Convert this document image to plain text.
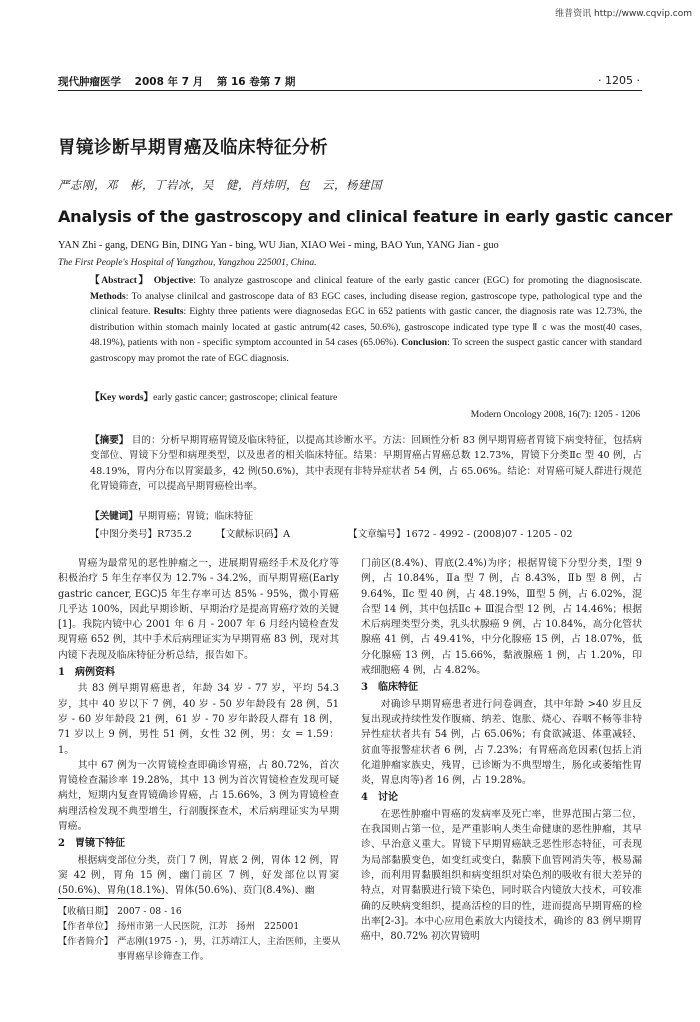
维普资讯 http://www.cqvip.com
现代肿瘤医学 2008 年 7 月 第 16 卷第 7 期	· 1205 ·
胃镜诊断早期胃癌及临床特征分析
严志刚，邓　彬，丁岩冰，吴　健，肖炜明，包　云，杨建国
Analysis of the gastroscopy and clinical feature in early gastic cancer
YAN Zhi - gang, DENG Bin, DING Yan - bing, WU Jian, XIAO Wei - ming, BAO Yun, YANG Jian - guo
The First People's Hospital of Yangzhou, Yangzhou 225001, China.
【Abstract】 Objective: To analyze gastroscope and clinical feature of the early gastic cancer (EGC) for promoting the diagnosiscate. Methods: To analyse clinilcal and gastroscope data of 83 EGC cases, including disease region, gastroscope type, pathological type and the clinical feature. Results: Eighty three patients were diagnosedas EGC in 652 patients with gastic cancer, the diagnosis rate was 12.73%, the distribution within stomach mainly located at gastic antrum(42 cases, 50.6%), gastroscope indicated type type Ⅱ c was the most(40 cases, 48.19%), patients with non - specific symptom accounted in 54 cases (65.06%). Conclusion: To screen the suspect gastic cancer with standard gastroscopy may promot the rate of EGC diagnosis.
【Key words】early gastic cancer; gastroscope; clinical feature
Modern Oncology 2008, 16(7): 1205 - 1206
【摘要】 目的：分析早期胃癌胃镜及临床特征，以提高其诊断水平。方法：回顾性分析 83 例早期胃癌者胃镜下病变特征，包括病变部位、胃镜下分型和病理类型，以及患者的相关临床特征。结果：早期胃癌占胃癌总数 12.73%，胃镜下分类Ⅱc 型 40 例，占 48.19%，胃内分布以胃窦最多，42 例(50.6%)，其中表现有非特异症状者 54 例，占 65.06%。结论：对胃癌可疑人群进行规范化胃镜筛查，可以提高早期胃癌检出率。
【关键词】早期胃癌；胃镜；临床特征
【中图分类号】R735.2	【文献标识码】A	【文章编号】1672 - 4992 - (2008)07 - 1205 - 02

胃癌为最常见的恶性肿瘤之一，进展期胃癌经手术及化疗等积极治疗 5 年生存率仅为 12.7% - 34.2%，而早期胃癌(Early gastric cancer, EGC)5 年生存率可达 85% - 95%，微小胃癌几乎达 100%，因此早期诊断、早期治疗是提高胃癌疗效的关键[1]。我院内镜中心 2001 年 6 月 - 2007 年 6 月经内镜检查发现胃癌 652 例，其中手术后病理证实为早期胃癌 83 例，现对其内镜下表现及临床特征分析总结，报告如下。

1　病例资料

共 83 例早期胃癌患者，年龄 34 岁 - 77 岁，平均 54.3 岁，其中 40 岁以下 7 例，40 岁 - 50 岁年龄段有 28 例，51 岁 - 60 岁年龄段 21 例，61 岁 - 70 岁年龄段人群有 18 例，71 岁以上 9 例，男性 51 例，女性 32 例，男：女 = 1.59：1。

其中 67 例为一次胃镜检查即确诊胃癌，占 80.72%，首次胃镜检查漏诊率 19.28%，其中 13 例为首次胃镜检查发现可疑病灶，短期内复查胃镜确诊胃癌，占 15.66%，3 例为胃镜检查病理活检发现不典型增生，行剖腹探查术，术后病理证实为早期胃癌。

2　胃镜下特征

根据病变部位分类，贲门 7 例，胃底 2 例，胃体 12 例，胃窦 42 例，胃角 15 例，幽门前区 7 例，好发部位以胃窦(50.6%)、胃角(18.1%)、胃体(50.6%)、贲门(8.4%)、幽

门前区(8.4%)、胃底(2.4%)为序；根据胃镜下分型分类，Ⅰ型 9 例，占 10.84%，Ⅱa 型 7 例，占 8.43%，Ⅱb 型 8 例，占 9.64%，Ⅱc 型 40 例，占 48.19%，Ⅲ型 5 例，占 6.02%，混合型 14 例，其中包括Ⅱc + Ⅲ混合型 12 例，占 14.46%；根据术后病理类型分类，乳头状腺癌 9 例，占 10.84%，高分化管状腺癌 41 例，占 49.41%，中分化腺癌 15 例，占 18.07%，低分化腺癌 13 例，占 15.66%，黏液腺癌 1 例，占 1.20%，印戒细胞癌 4 例，占 4.82%。

3　临床特征

对确诊早期胃癌患者进行问卷调查，其中年龄 >40 岁且反复出现或持续性发作腹痛、纳差、饱胀、烧心、吞咽不畅等非特异性症状者共有 54 例，占 65.06%；有食欲减退、体重减轻、贫血等报警症状者 6 例，占 7.23%；有胃癌高危因素(包括上消化道肿瘤家族史，残胃，已诊断为不典型增生，肠化或萎缩性胃炎，胃息肉等)者 16 例，占 19.28%。

4　讨论

在恶性肿瘤中胃癌的发病率及死亡率，世界范围占第二位，在我国则占第一位，是严重影响人类生命健康的恶性肿瘤，其早诊、早治意义重大。胃镜下早期胃癌缺乏恶性形态特征，可表现为局部黏膜变色，如变红或变白，黏膜下血管网消失等，极易漏诊，而利用胃黏膜组织和病变组织对染色剂的吸收有很大差异的特点，对胃黏膜进行镜下染色，同时联合内镜放大技术，可较准确的反映病变组织，提高活检的目的性，进而提高早期胃癌的检出率[2-3]。本中心应用色素放大内镜技术，确诊的 83 例早期胃癌中，80.72% 初次胃镜明

【收稿日期】 2007 - 08 - 16
【作者单位】 扬州市第一人民医院，江苏　扬州　225001
【作者简介】 严志刚(1975 - )，男，江苏靖江人，主治医师，主要从事胃癌早诊筛查工作。
